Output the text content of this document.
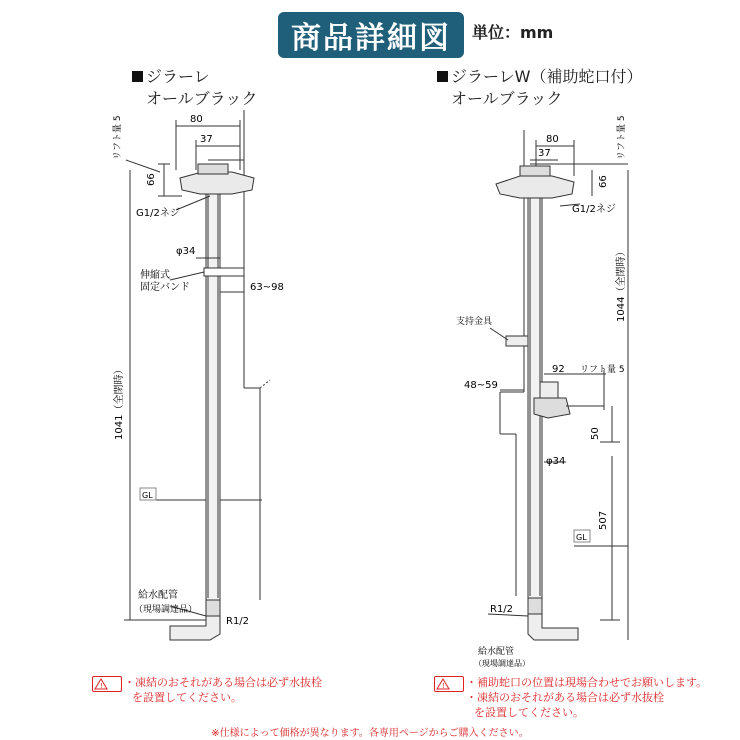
商品詳細図	単位：mm
ジラーレ
オールブラック
ジラーレW（補助蛇口付）
オールブラック
80
37
66
リフト量 5
G1/2ネジ
φ34
伸縮式
固定バンド	63~98
1041（全閉時）
GL
給水配管
（現場調達品）
R1/2
80
37
66
リフト量 5
G1/2ネジ
1044（全閉時）
支持金具
92 リフト量 5
48~59
50
φ34
GL
507
R1/2
給水配管
（現場調達品）
! ・凍結のおそれがある場合は必ず水抜栓
を設置してください。
! ・補助蛇口の位置は現場合わせでお願いします。
・凍結のおそれがある場合は必ず水抜栓
を設置してください。
※仕様によって価格が異なります。各専用ページからご購入ください。
